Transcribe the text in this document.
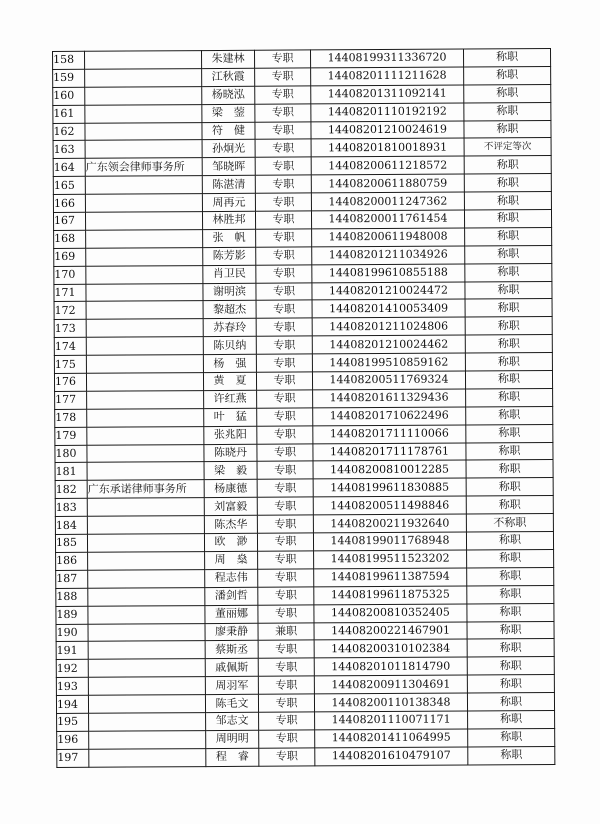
158		朱建林	专职	14408199311336720	称职
159		江秋霞	专职	14408201111211628	称职
160		杨晓泓	专职	14408201311092141	称职
161		梁　蓥	专职	14408201110192192	称职
162		符　健	专职	14408201210024619	称职
163		孙炯光	专职	14408201810018931	不评定等次
164	广东领会律师事务所	邹晓晖	专职	14408200611218572	称职
165		陈湛清	专职	14408200611880759	称职
166		周再元	专职	14408200011247362	称职
167		林胜邦	专职	14408200011761454	称职
168		张　帆	专职	14408200611948008	称职
169		陈芳影	专职	14408201211034926	称职
170		肖卫民	专职	14408199610855188	称职
171		谢明滨	专职	14408201210024472	称职
172		黎超杰	专职	14408201410053409	称职
173		苏春玲	专职	14408201211024806	称职
174		陈贝纳	专职	14408201210024462	称职
175		杨　强	专职	14408199510859162	称职
176		黄　夏	专职	14408200511769324	称职
177		许红燕	专职	14408201611329436	称职
178		叶　猛	专职	14408201710622496	称职
179		张兆阳	专职	14408201711110066	称职
180		陈晓丹	专职	14408201711178761	称职
181		梁　毅	专职	14408200810012285	称职
182	广东承诺律师事务所	杨康德	专职	14408199611830885	称职
183		刘富毅	专职	14408200511498846	称职
184		陈杰华	专职	14408200211932640	不称职
185		欧　渺	专职	14408199011768948	称职
186		周　燊	专职	14408199511523202	称职
187		程志伟	专职	14408199611387594	称职
188		潘剑哲	专职	14408199611875325	称职
189		董丽娜	专职	14408200810352405	称职
190		廖秉静	兼职	14408200221467901	称职
191		蔡斯丞	专职	14408200310102384	称职
192		戚佩斯	专职	14408201011814790	称职
193		周羽军	专职	14408200911304691	称职
194		陈毛文	专职	14408200110138348	称职
195		邹志文	专职	14408201110071171	称职
196		周明明	专职	14408201411064995	称职
197		程　睿	专职	14408201610479107	称职
